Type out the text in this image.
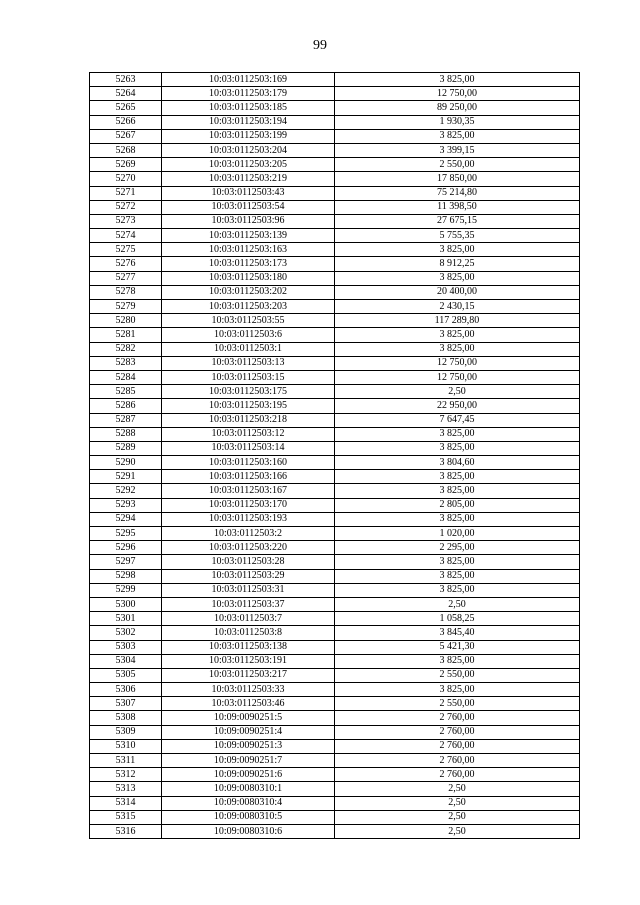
99
5263	10:03:0112503:169	3 825,00
5264	10:03:0112503:179	12 750,00
5265	10:03:0112503:185	89 250,00
5266	10:03:0112503:194	1 930,35
5267	10:03:0112503:199	3 825,00
5268	10:03:0112503:204	3 399,15
5269	10:03:0112503:205	2 550,00
5270	10:03:0112503:219	17 850,00
5271	10:03:0112503:43	75 214,80
5272	10:03:0112503:54	11 398,50
5273	10:03:0112503:96	27 675,15
5274	10:03:0112503:139	5 755,35
5275	10:03:0112503:163	3 825,00
5276	10:03:0112503:173	8 912,25
5277	10:03:0112503:180	3 825,00
5278	10:03:0112503:202	20 400,00
5279	10:03:0112503:203	2 430,15
5280	10:03:0112503:55	117 289,80
5281	10:03:0112503:6	3 825,00
5282	10:03:0112503:1	3 825,00
5283	10:03:0112503:13	12 750,00
5284	10:03:0112503:15	12 750,00
5285	10:03:0112503:175	2,50
5286	10:03:0112503:195	22 950,00
5287	10:03:0112503:218	7 647,45
5288	10:03:0112503:12	3 825,00
5289	10:03:0112503:14	3 825,00
5290	10:03:0112503:160	3 804,60
5291	10:03:0112503:166	3 825,00
5292	10:03:0112503:167	3 825,00
5293	10:03:0112503:170	2 805,00
5294	10:03:0112503:193	3 825,00
5295	10:03:0112503:2	1 020,00
5296	10:03:0112503:220	2 295,00
5297	10:03:0112503:28	3 825,00
5298	10:03:0112503:29	3 825,00
5299	10:03:0112503:31	3 825,00
5300	10:03:0112503:37	2,50
5301	10:03:0112503:7	1 058,25
5302	10:03:0112503:8	3 845,40
5303	10:03:0112503:138	5 421,30
5304	10:03:0112503:191	3 825,00
5305	10:03:0112503:217	2 550,00
5306	10:03:0112503:33	3 825,00
5307	10:03:0112503:46	2 550,00
5308	10:09:0090251:5	2 760,00
5309	10:09:0090251:4	2 760,00
5310	10:09:0090251:3	2 760,00
5311	10:09:0090251:7	2 760,00
5312	10:09:0090251:6	2 760,00
5313	10:09:0080310:1	2,50
5314	10:09:0080310:4	2,50
5315	10:09:0080310:5	2,50
5316	10:09:0080310:6	2,50
